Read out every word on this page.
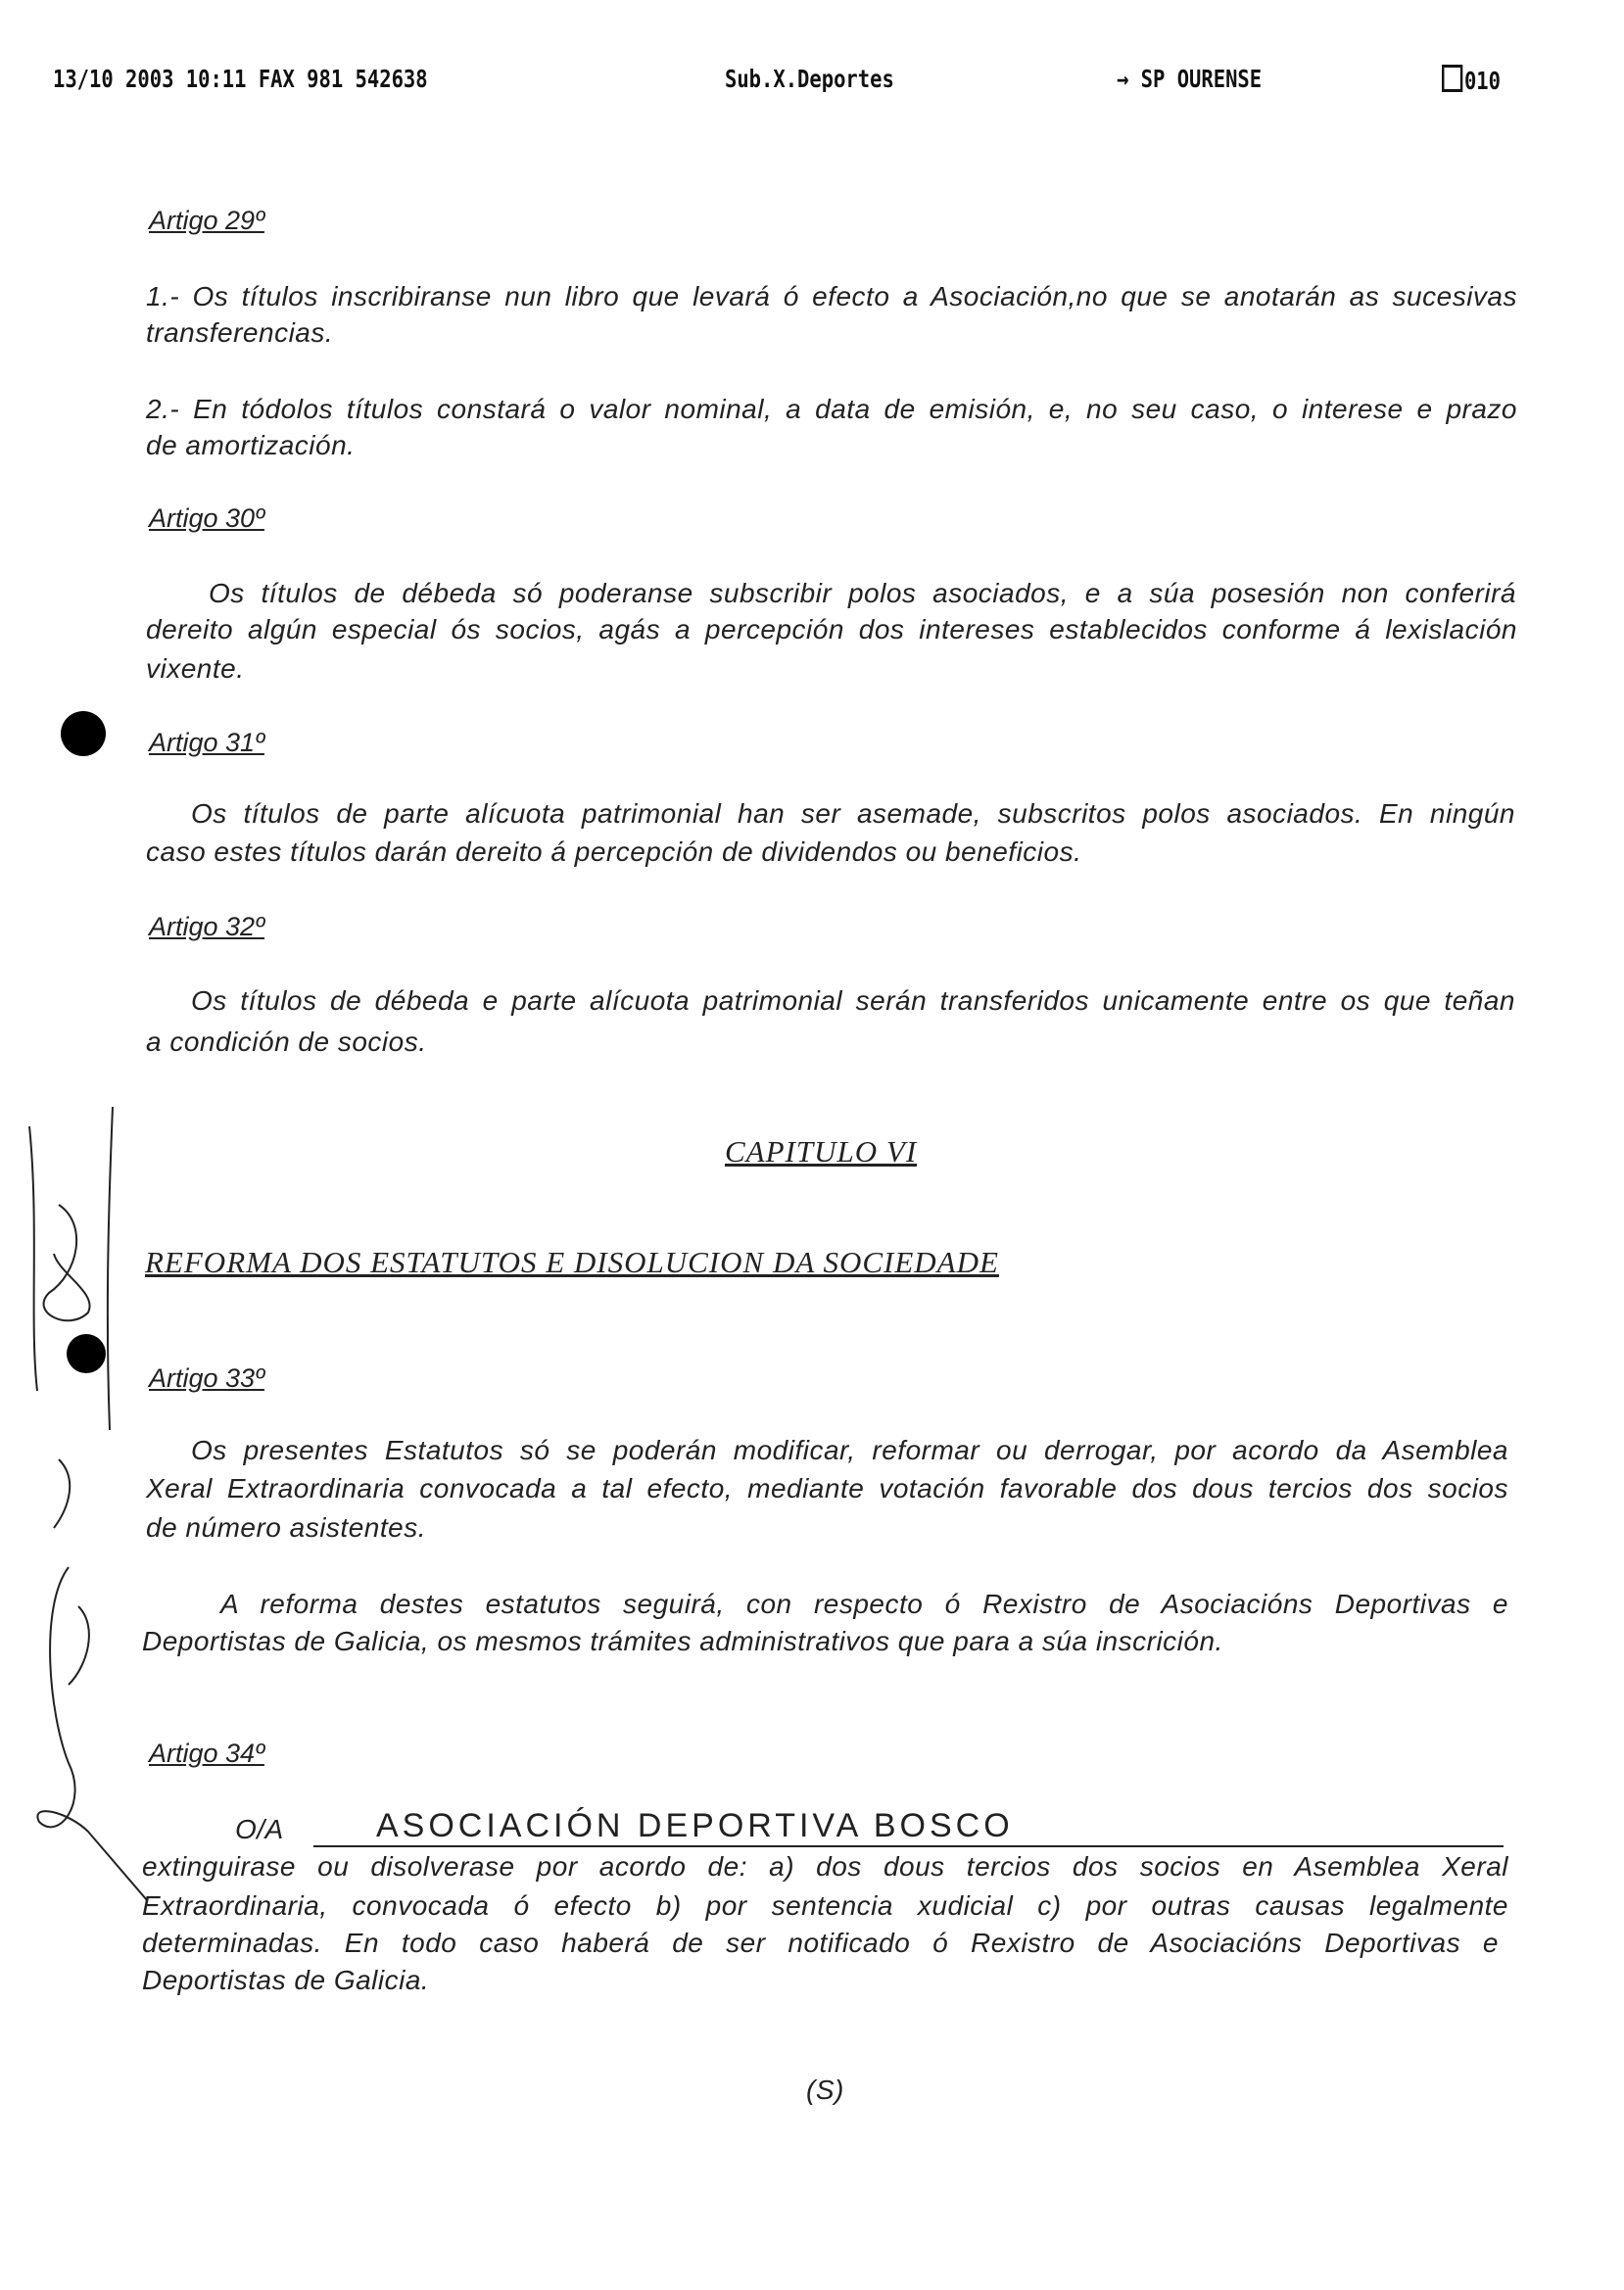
13/10 2003 10:11 FAX 981 542638	Sub.X.Deportes	→ SP OURENSE	010
Artigo 29º
1.- Os títulos inscribiranse nun libro que levará ó efecto a Asociación,no que se anotarán as sucesivas
transferencias.
2.- En tódolos títulos constará o valor nominal, a data de emisión, e, no seu caso, o interese e prazo
de amortización.
Artigo 30º
Os títulos de débeda só poderanse subscribir polos asociados, e a súa posesión non conferirá
dereito algún especial ós socios, agás a percepción dos intereses establecidos conforme á lexislación
vixente.
Artigo 31º
Os títulos de parte alícuota patrimonial han ser asemade, subscritos polos asociados. En ningún
caso estes títulos darán dereito á percepción de dividendos ou beneficios.
Artigo 32º
Os títulos de débeda e parte alícuota patrimonial serán transferidos unicamente entre os que teñan
a condición de socios.
CAPITULO VI
REFORMA DOS ESTATUTOS E DISOLUCION DA SOCIEDADE
Artigo 33º
Os presentes Estatutos só se poderán modificar, reformar ou derrogar, por acordo da Asemblea
Xeral Extraordinaria convocada a tal efecto, mediante votación favorable dos dous tercios dos socios
de número asistentes.
A reforma destes estatutos seguirá, con respecto ó Rexistro de Asociacións Deportivas e
Deportistas de Galicia, os mesmos trámites administrativos que para a súa inscrición.
Artigo 34º
O/A	ASOCIACIÓN DEPORTIVA BOSCO
extinguirase ou disolverase por acordo de: a) dos dous tercios dos socios en Asemblea Xeral
Extraordinaria, convocada ó efecto b) por sentencia xudicial c) por outras causas legalmente
determinadas. En todo caso haberá de ser notificado ó Rexistro de Asociacións Deportivas e
Deportistas de Galicia.
(S)
